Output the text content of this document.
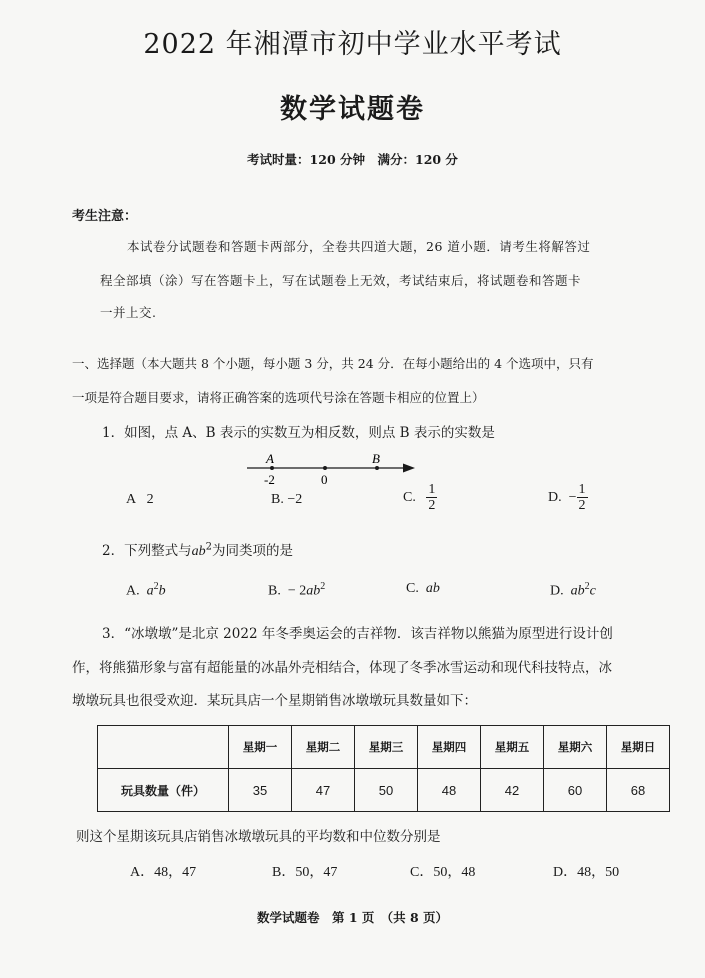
2022 年湘潭市初中学业水平考试
数学试题卷
考试时量：120 分钟　满分：120 分
考生注意：
本试卷分试题卷和答题卡两部分，全卷共四道大题，26 道小题．请考生将解答过
程全部填（涂）写在答题卡上，写在试题卷上无效，考试结束后，将试题卷和答题卡
一并上交.
一、选择题（本大题共 8 个小题，每小题 3 分，共 24 分．在每小题给出的 4 个选项中，只有
一项是符合题目要求，请将正确答案的选项代号涂在答题卡相应的位置上）
1．如图，点 A、B 表示的实数互为相反数，则点 B 表示的实数是
A	B
-2	0
A 2	B. −2	C. $\frac{1}{2}$	D. − $\frac{1}{2}$
2．下列整式与$ab^2$为同类项的是
A. $a^2b$	B. − $2ab^2$	C. ab	D. $ab^2c$
3．“冰墩墩”是北京 2022 年冬季奥运会的吉祥物．该吉祥物以熊猫为原型进行设计创
作，将熊猫形象与富有超能量的冰晶外壳相结合，体现了冬季冰雪运动和现代科技特点，冰
墩墩玩具也很受欢迎．某玩具店一个星期销售冰墩墩玩具数量如下：
	星期一	星期二	星期三	星期四	星期五	星期六	星期日
玩具数量（件）	35	47	50	48	42	60	68
则这个星期该玩具店销售冰墩墩玩具的平均数和中位数分别是
A．48，47	B．50，47	C．50，48	D．48，50
数学试题卷　第 1 页　（共 8 页）
